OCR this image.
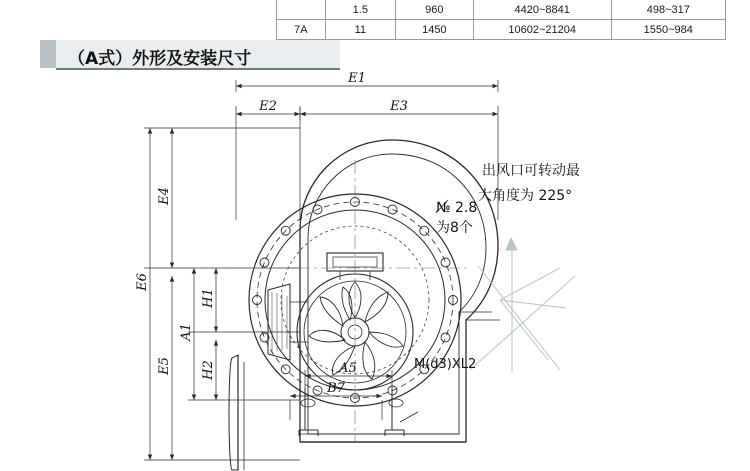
	1.5	960	4420~8841	498~317
7A	11	1450	10602~21204	1550~984
（A式）外形及安装尺寸
E1
E2	E3
E6
E4
E5
A1
H1
H2	A5
B7
出风口可转动最
大角度为 225°
№ 2.8
为8个
M(d3)XL2
